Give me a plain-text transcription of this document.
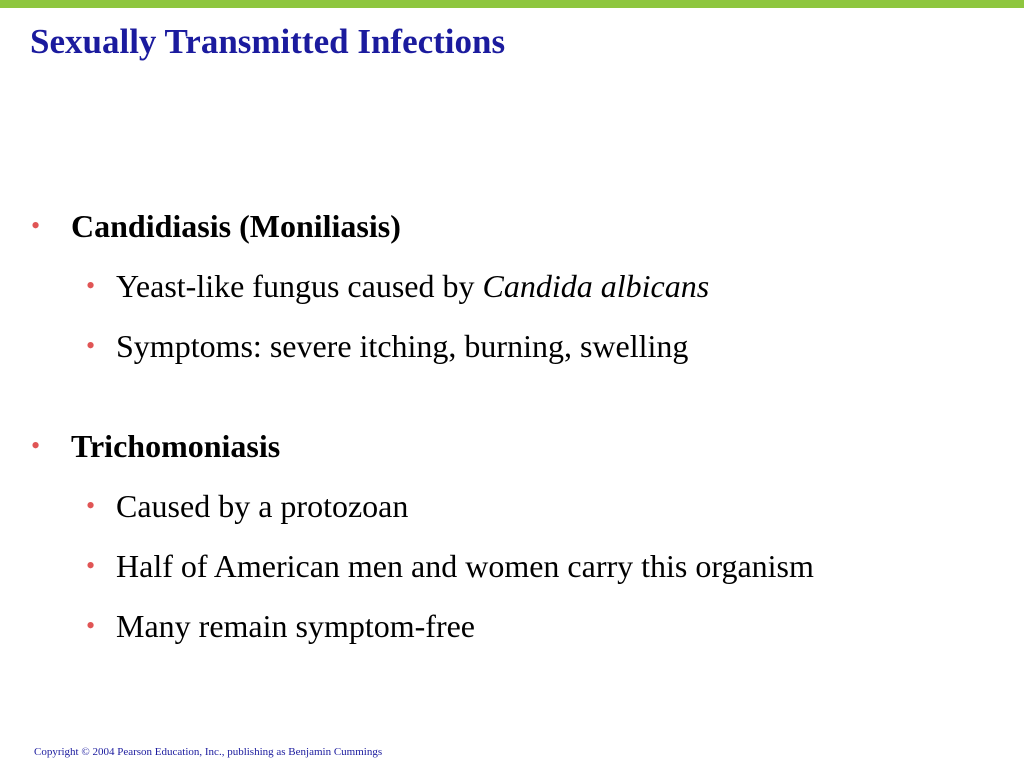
Sexually Transmitted Infections
• Candidiasis (Moniliasis)
• Yeast-like fungus caused by Candida albicans
• Symptoms: severe itching, burning, swelling
• Trichomoniasis
• Caused by a protozoan
• Half of American men and women carry this organism
• Many remain symptom-free
Copyright © 2004 Pearson Education, Inc., publishing as Benjamin Cummings
